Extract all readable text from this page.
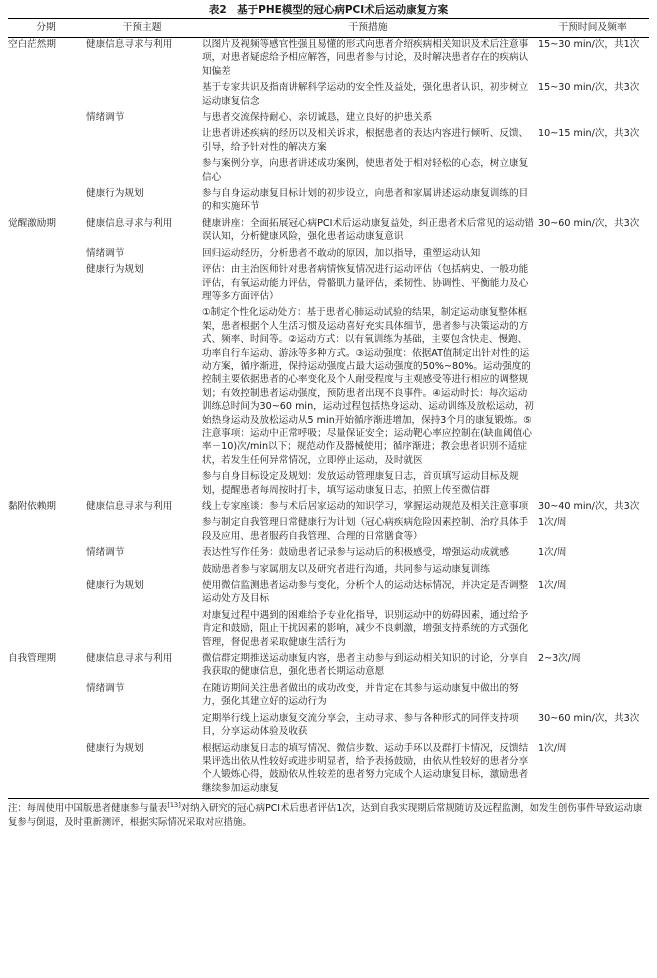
表2　基于PHE模型的冠心病PCI术后运动康复方案
分期	干预主题	干预措施	干预时间及频率
空白茫然期	健康信息寻求与利用	以图片及视频等感官性强且易懂的形式向患者介绍疾病相关知识及术后注意事项，对患者疑虑给予相应解答，同患者参与讨论，及时解决患者存在的疾病认知偏差	15~30 min/次，共1次
		基于专家共识及指南讲解科学运动的安全性及益处，强化患者认识，初步树立运动康复信念	15~30 min/次，共3次
	情绪调节	与患者交流保持耐心、亲切诚恳，建立良好的护患关系	
		让患者讲述疾病的经历以及相关诉求，根据患者的表达内容进行倾听、反馈、引导，给予针对性的解决方案	10~15 min/次，共3次
		参与案例分享，向患者讲述成功案例，使患者处于相对轻松的心态，树立康复信心	
	健康行为规划	参与自身运动康复目标计划的初步设立，向患者和家属讲述运动康复训练的目的和实施环节	
觉醒激励期	健康信息寻求与利用	健康讲座：全面拓展冠心病PCI术后运动康复益处，纠正患者术后常见的运动错误认知，分析健康风险，强化患者运动康复意识	30~60 min/次，共3次
	情绪调节	回归运动经历，分析患者不敢动的原因，加以指导，重塑运动认知	
	健康行为规划	评估：由主治医师针对患者病情恢复情况进行运动评估（包括病史、一般功能评估，有氧运动能力评估，骨骼肌力量评估，柔韧性、协调性、平衡能力及心理等多方面评估）	
		①制定个性化运动处方：基于患者心肺运动试验的结果，制定运动康复整体框架，患者根据个人生活习惯及运动喜好充实具体细节，患者参与决策运动的方式、频率、时间等。②运动方式：以有氧训练为基础，主要包含快走、慢跑、功率自行车运动、游泳等多种方式。③运动强度：依据AT值制定出针对性的运动方案，循序渐进，保持运动强度占最大运动强度的50%~80%。运动强度的控制主要依据患者的心率变化及个人耐受程度与主观感受等进行相应的调整规划；有效控制患者运动强度，预防患者出现不良事件。④运动时长：每次运动训练总时间为30~60 min，运动过程包括热身运动、运动训练及放松运动，初始热身运动及放松运动从5 min开始循序渐进增加，保持3个月的康复锻炼。⑤注意事项：运动中正常呼吸；尽量保证安全；运动靶心率应控制在(缺血阈值心率－10)次/min以下；规范动作及器械使用；循序渐进；教会患者识别不适症状，若发生任何异常情况，立即停止运动，及时就医	
		参与自身目标设定及规划：发放运动管理康复日志，首页填写运动目标及规划，提醒患者每周按时打卡，填写运动康复日志，拍照上传至微信群	
黏附依赖期	健康信息寻求与利用	线上专家座谈：参与术后居家运动的知识学习，掌握运动规范及相关注意事项	30~40 min/次，共3次
		参与制定自我管理日常健康行为计划（冠心病疾病危险因素控制、治疗具体手段及应用、患者服药自我管理、合理的日常膳食等）	1次/周
	情绪调节	表达性写作任务：鼓励患者记录参与运动后的积极感受，增强运动成就感	1次/周
		鼓励患者参与家属朋友以及研究者进行沟通，共同参与运动康复训练	
	健康行为规划	使用微信监测患者运动参与变化，分析个人的运动达标情况，并决定是否调整运动处方及目标	1次/周
		对康复过程中遇到的困难给予专业化指导，识别运动中的妨碍因素，通过给予肯定和鼓励，阻止干扰因素的影响，减少不良刺激，增强支持系统的方式强化管理，督促患者采取健康生活行为	
自我管理期	健康信息寻求与利用	微信群定期推送运动康复内容，患者主动参与到运动相关知识的讨论，分享自我获取的健康信息，强化患者长期运动意愿	2~3次/周
	情绪调节	在随访期间关注患者做出的成功改变，并肯定在其参与运动康复中做出的努力，强化其建立好的运动行为	
		定期举行线上运动康复交流分享会，主动寻求、参与各种形式的同伴支持项目，分享运动体验及收获	30~60 min/次，共3次
	健康行为规划	根据运动康复日志的填写情况、微信步数、运动手环以及群打卡情况，反馈结果评选出依从性较好或进步明显者，给予表扬鼓励，由依从性较好的患者分享个人锻炼心得，鼓励依从性较差的患者努力完成个人运动康复目标，激励患者继续参加运动康复	1次/周
注：每周使用中国版患者健康参与量表[13]对纳入研究的冠心病PCI术后患者评估1次，达到自我实现期后常规随访及远程监测，如发生创伤事件导致运动康复参与倒退，及时重新测评，根据实际情况采取对应措施。
